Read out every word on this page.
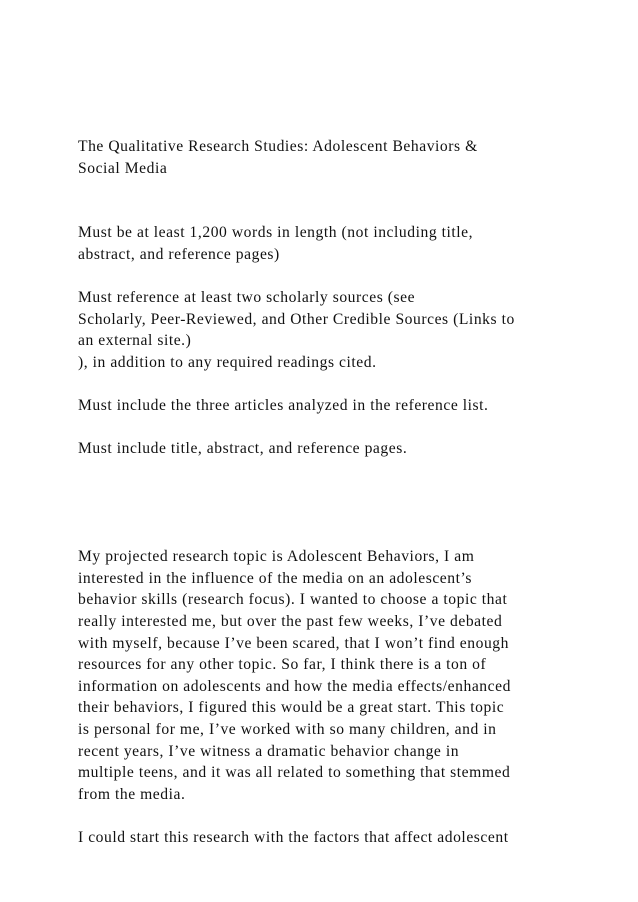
The Qualitative Research Studies: Adolescent Behaviors &
Social Media
Must be at least 1,200 words in length (not including title,
abstract, and reference pages)
Must reference at least two scholarly sources (see
Scholarly, Peer-Reviewed, and Other Credible Sources (Links to
an external site.)
), in addition to any required readings cited.
Must include the three articles analyzed in the reference list.
Must include title, abstract, and reference pages.
My projected research topic is Adolescent Behaviors, I am
interested in the influence of the media on an adolescent’s
behavior skills (research focus). I wanted to choose a topic that
really interested me, but over the past few weeks, I’ve debated
with myself, because I’ve been scared, that I won’t find enough
resources for any other topic. So far, I think there is a ton of
information on adolescents and how the media effects/enhanced
their behaviors, I figured this would be a great start. This topic
is personal for me, I’ve worked with so many children, and in
recent years, I’ve witness a dramatic behavior change in
multiple teens, and it was all related to something that stemmed
from the media.
I could start this research with the factors that affect adolescent
